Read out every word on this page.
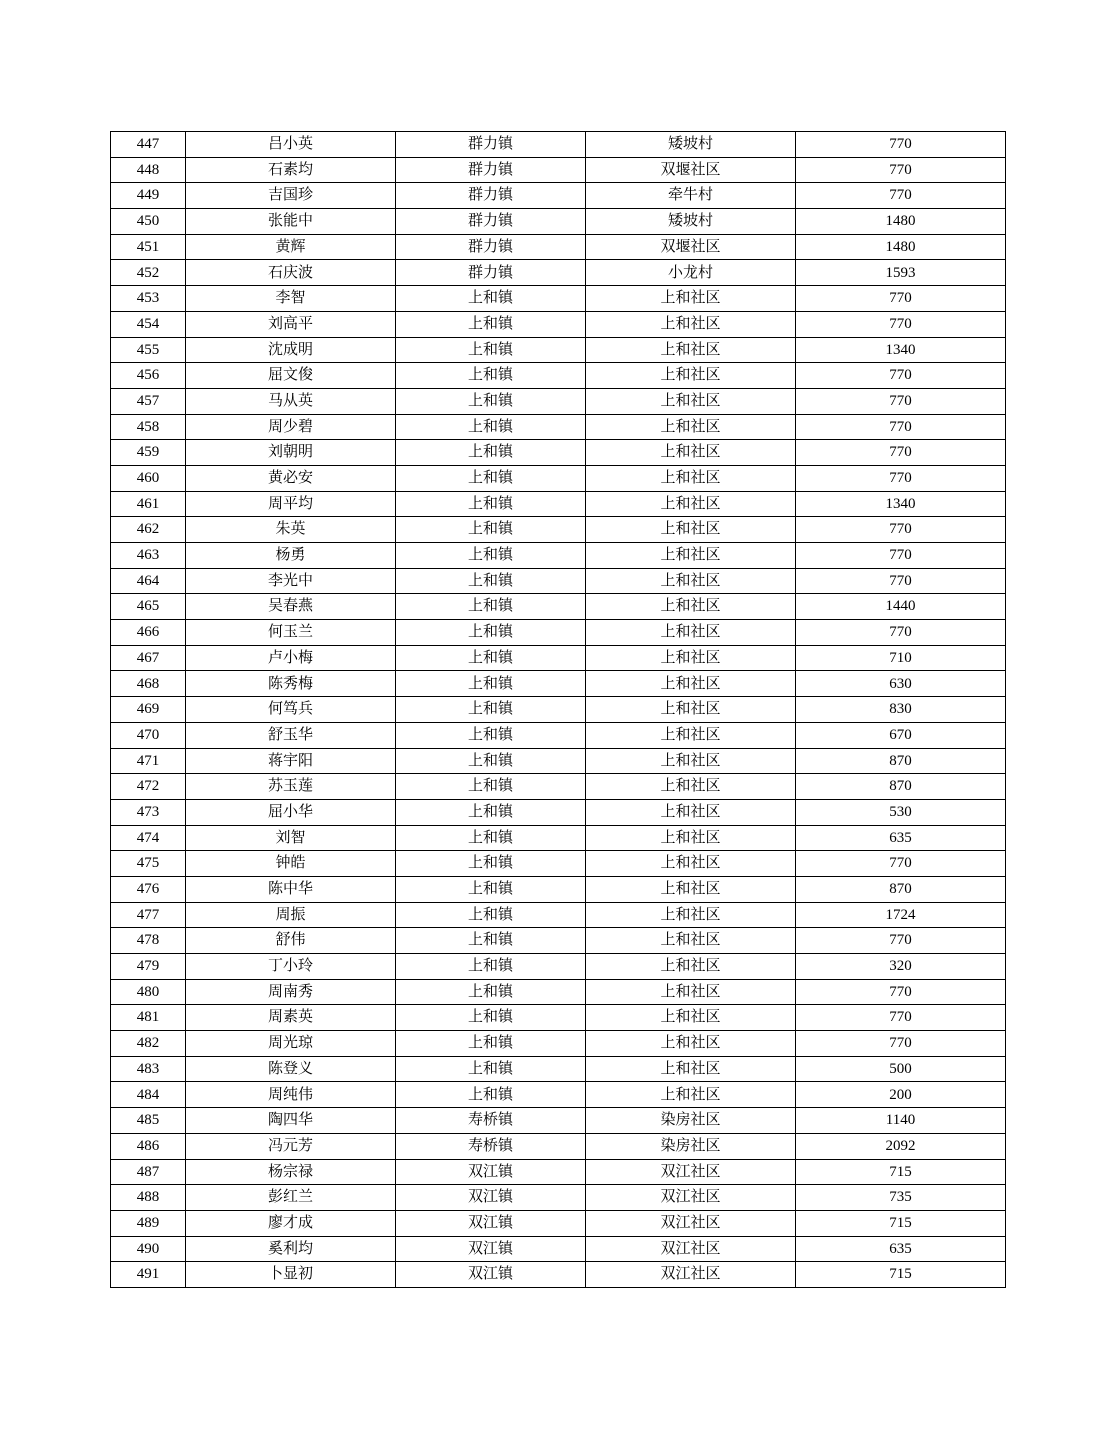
447	吕小英	群力镇	矮坡村	770
448	石素均	群力镇	双堰社区	770
449	吉国珍	群力镇	牵牛村	770
450	张能中	群力镇	矮坡村	1480
451	黄辉	群力镇	双堰社区	1480
452	石庆波	群力镇	小龙村	1593
453	李智	上和镇	上和社区	770
454	刘高平	上和镇	上和社区	770
455	沈成明	上和镇	上和社区	1340
456	屈文俊	上和镇	上和社区	770
457	马从英	上和镇	上和社区	770
458	周少碧	上和镇	上和社区	770
459	刘朝明	上和镇	上和社区	770
460	黄必安	上和镇	上和社区	770
461	周平均	上和镇	上和社区	1340
462	朱英	上和镇	上和社区	770
463	杨勇	上和镇	上和社区	770
464	李光中	上和镇	上和社区	770
465	吴春燕	上和镇	上和社区	1440
466	何玉兰	上和镇	上和社区	770
467	卢小梅	上和镇	上和社区	710
468	陈秀梅	上和镇	上和社区	630
469	何笃兵	上和镇	上和社区	830
470	舒玉华	上和镇	上和社区	670
471	蒋宇阳	上和镇	上和社区	870
472	苏玉莲	上和镇	上和社区	870
473	屈小华	上和镇	上和社区	530
474	刘智	上和镇	上和社区	635
475	钟皓	上和镇	上和社区	770
476	陈中华	上和镇	上和社区	870
477	周振	上和镇	上和社区	1724
478	舒伟	上和镇	上和社区	770
479	丁小玲	上和镇	上和社区	320
480	周南秀	上和镇	上和社区	770
481	周素英	上和镇	上和社区	770
482	周光琼	上和镇	上和社区	770
483	陈登义	上和镇	上和社区	500
484	周纯伟	上和镇	上和社区	200
485	陶四华	寿桥镇	染房社区	1140
486	冯元芳	寿桥镇	染房社区	2092
487	杨宗禄	双江镇	双江社区	715
488	彭红兰	双江镇	双江社区	735
489	廖才成	双江镇	双江社区	715
490	奚利均	双江镇	双江社区	635
491	卜显初	双江镇	双江社区	715
